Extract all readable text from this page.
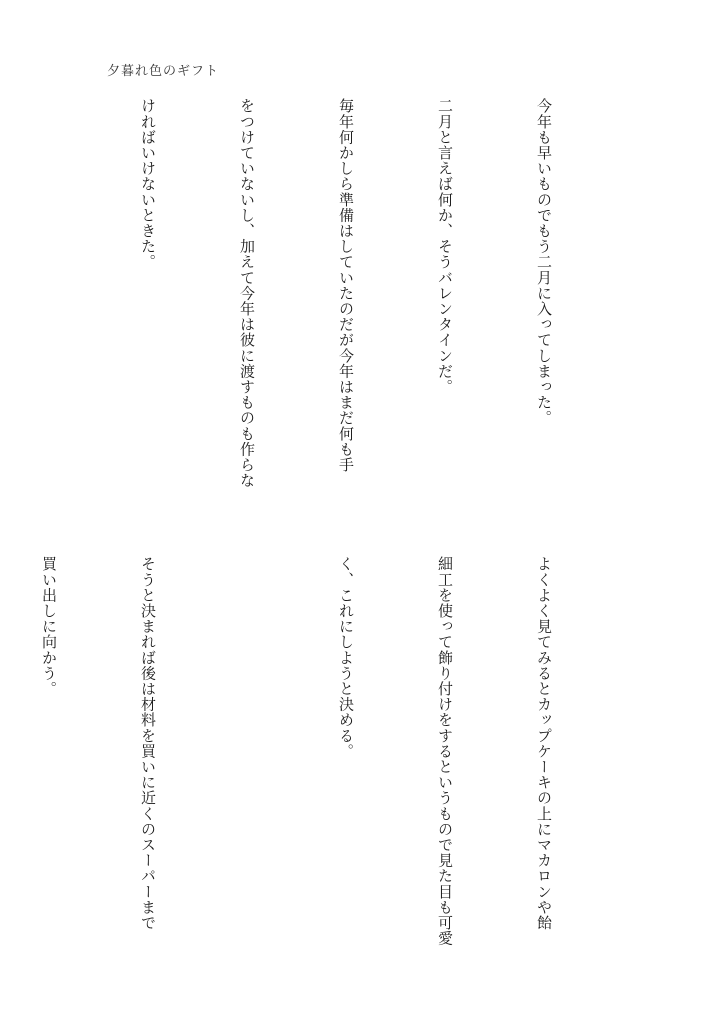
夕暮れ色のギフト

今年も早いものでもう二月に入ってしまった。

二月と言えば何か、そうバレンタインだ。

毎年何かしら準備はしていたのだが今年はまだ何も手

をつけていないし、加えて今年は彼に渡すものも作らな

ければいけないときた。

よくよく見てみるとカップケーキの上にマカロンや飴

細工を使って飾り付けをするというもので見た目も可愛

く、これにしようと決める。

そうと決まれば後は材料を買いに近くのスーパーまで

買い出しに向かう。
